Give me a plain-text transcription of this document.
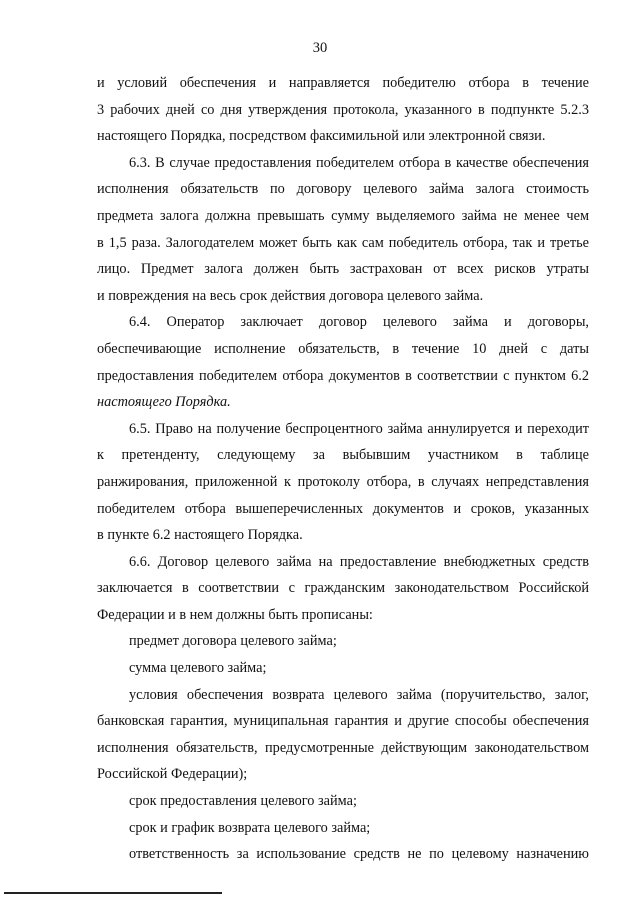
30
и условий обеспечения и направляется победителю отбора в течение
3 рабочих дней со дня утверждения протокола, указанного в подпункте 5.2.3
настоящего Порядка, посредством факсимильной или электронной связи.
6.3. В случае предоставления победителем отбора в качестве обеспечения
исполнения обязательств по договору целевого займа залога стоимость
предмета залога должна превышать сумму выделяемого займа не менее чем
в 1,5 раза. Залогодателем может быть как сам победитель отбора, так и третье
лицо. Предмет залога должен быть застрахован от всех рисков утраты
и повреждения на весь срок действия договора целевого займа.
6.4. Оператор заключает договор целевого займа и договоры,
обеспечивающие исполнение обязательств, в течение 10 дней с даты
предоставления победителем отбора документов в соответствии с пунктом 6.2
настоящего Порядка.
6.5. Право на получение беспроцентного займа аннулируется и переходит
к претенденту, следующему за выбывшим участником в таблице
ранжирования, приложенной к протоколу отбора, в случаях непредставления
победителем отбора вышеперечисленных документов и сроков, указанных
в пункте 6.2 настоящего Порядка.
6.6. Договор целевого займа на предоставление внебюджетных средств
заключается в соответствии с гражданским законодательством Российской
Федерации и в нем должны быть прописаны:
предмет договора целевого займа;
сумма целевого займа;
условия обеспечения возврата целевого займа (поручительство, залог,
банковская гарантия, муниципальная гарантия и другие способы обеспечения
исполнения обязательств, предусмотренные действующим законодательством
Российской Федерации);
срок предоставления целевого займа;
срок и график возврата целевого займа;
ответственность за использование средств не по целевому назначению
